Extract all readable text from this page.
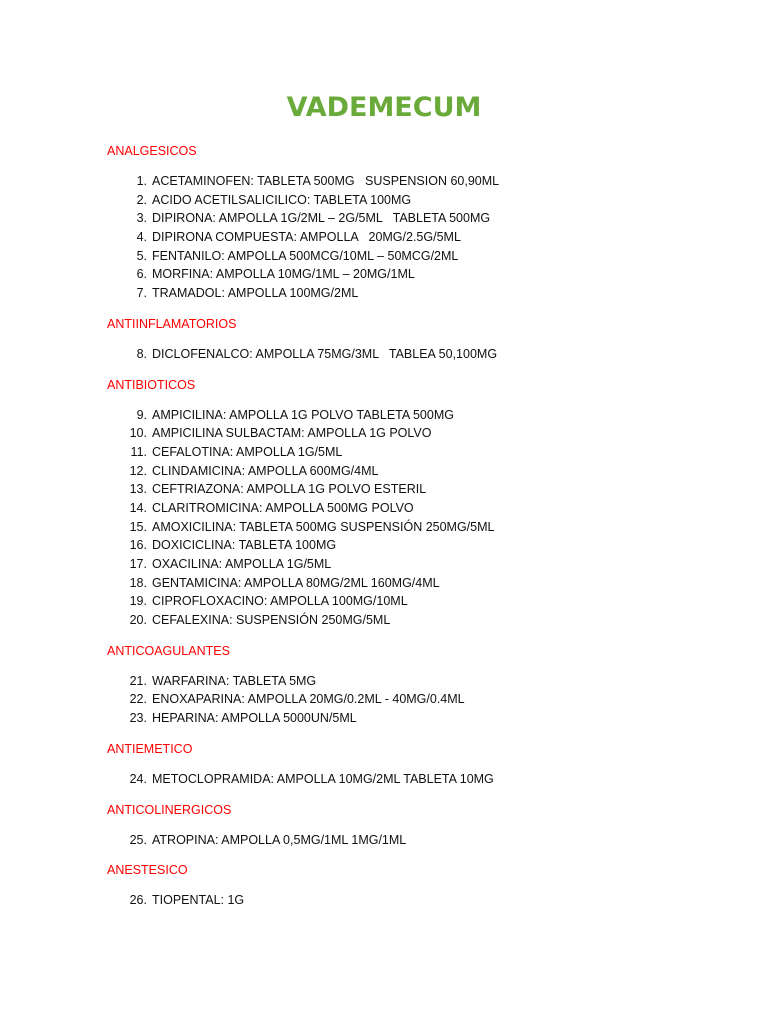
VADEMECUM
ANALGESICOS
1. ACETAMINOFEN: TABLETA 500MG   SUSPENSION 60,90ML
2. ACIDO ACETILSALICILICO: TABLETA 100MG
3. DIPIRONA: AMPOLLA 1G/2ML – 2G/5ML   TABLETA 500MG
4. DIPIRONA COMPUESTA: AMPOLLA   20MG/2.5G/5ML
5. FENTANILO: AMPOLLA 500MCG/10ML – 50MCG/2ML
6. MORFINA: AMPOLLA 10MG/1ML – 20MG/1ML
7. TRAMADOL: AMPOLLA 100MG/2ML
ANTIINFLAMATORIOS
8. DICLOFENALCO: AMPOLLA 75MG/3ML   TABLEA 50,100MG
ANTIBIOTICOS
9. AMPICILINA: AMPOLLA 1G POLVO TABLETA 500MG
10. AMPICILINA SULBACTAM: AMPOLLA 1G POLVO
11. CEFALOTINA: AMPOLLA 1G/5ML
12. CLINDAMICINA: AMPOLLA 600MG/4ML
13. CEFTRIAZONA: AMPOLLA 1G POLVO ESTERIL
14. CLARITROMICINA: AMPOLLA 500MG POLVO
15. AMOXICILINA: TABLETA 500MG SUSPENSIÓN 250MG/5ML
16. DOXICICLINA: TABLETA 100MG
17. OXACILINA: AMPOLLA 1G/5ML
18. GENTAMICINA: AMPOLLA 80MG/2ML 160MG/4ML
19. CIPROFLOXACINO: AMPOLLA 100MG/10ML
20. CEFALEXINA: SUSPENSIÓN 250MG/5ML
ANTICOAGULANTES
21. WARFARINA: TABLETA 5MG
22. ENOXAPARINA: AMPOLLA 20MG/0.2ML - 40MG/0.4ML
23. HEPARINA: AMPOLLA 5000UN/5ML
ANTIEMETICO
24. METOCLOPRAMIDA: AMPOLLA 10MG/2ML TABLETA 10MG
ANTICOLINERGICOS
25. ATROPINA: AMPOLLA 0,5MG/1ML 1MG/1ML
ANESTESICO
26. TIOPENTAL: 1G
